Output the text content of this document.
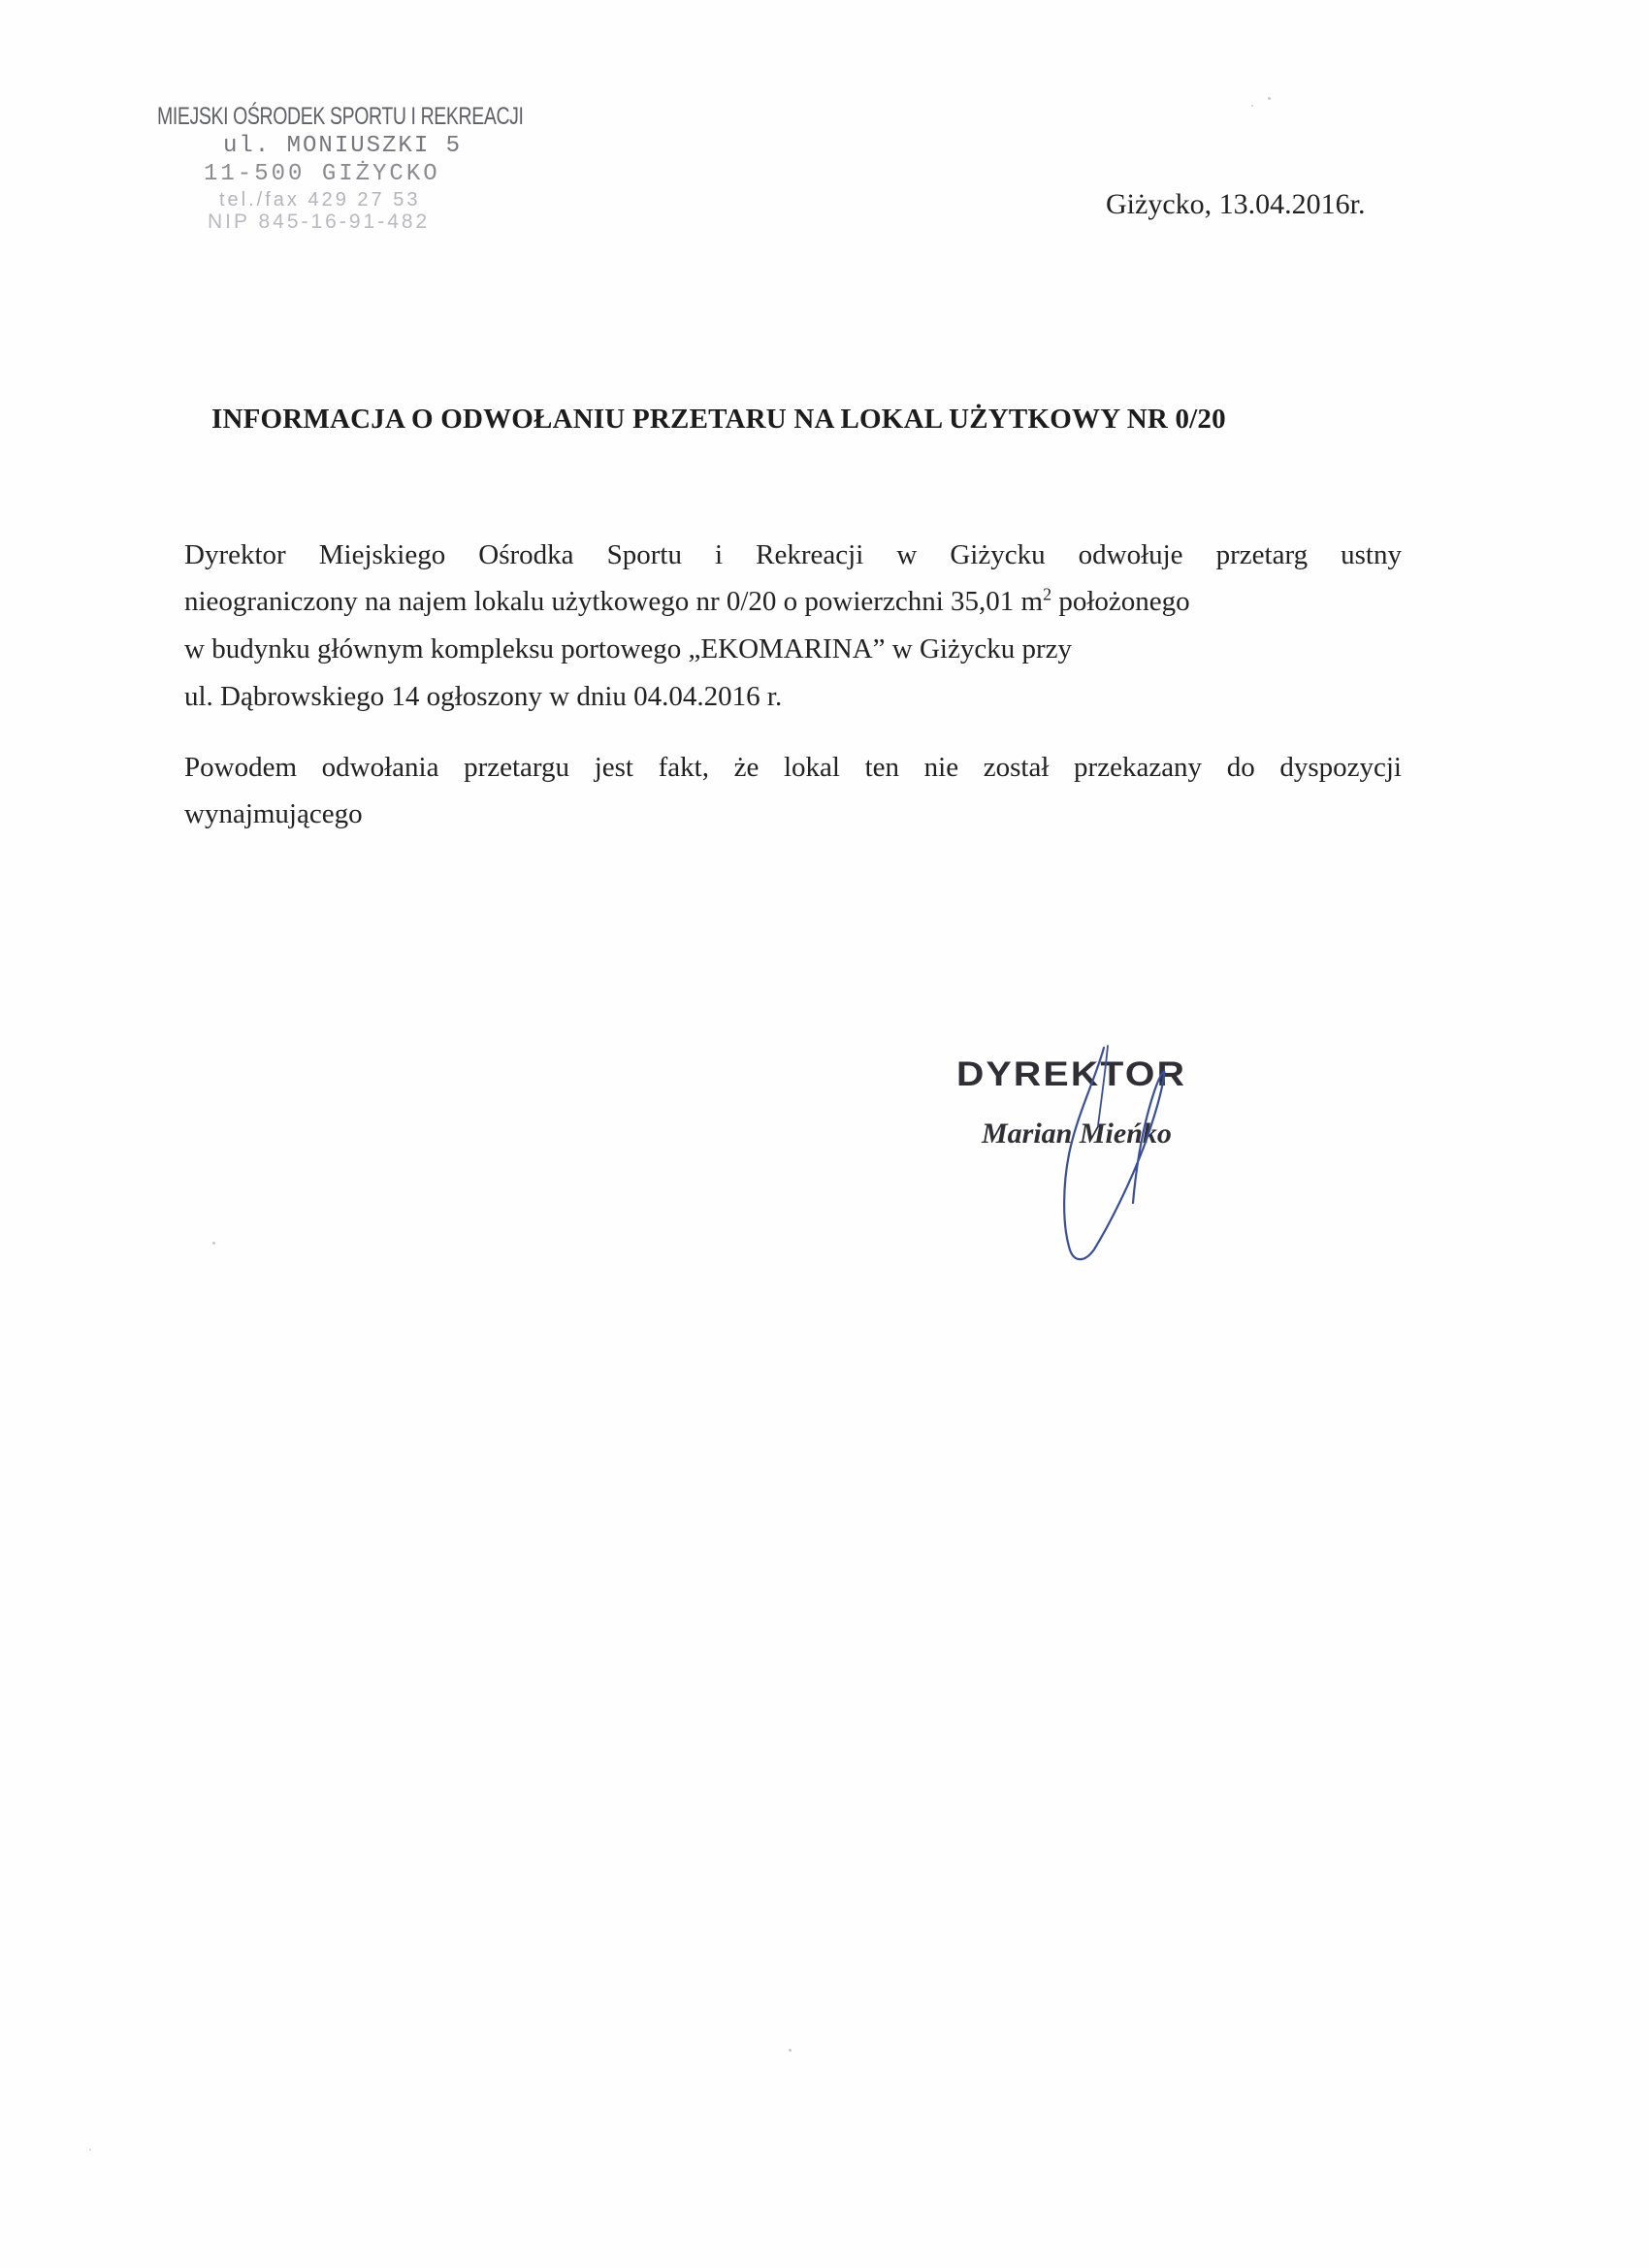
MIEJSKI OŚRODEK SPORTU I REKREACJI
ul. MONIUSZKI 5
11-500 GIŻYCKO
tel./fax 429 27 53
NIP 845-16-91-482
Giżycko, 13.04.2016r.
INFORMACJA O ODWOŁANIU PRZETARU NA LOKAL UŻYTKOWY NR 0/20
Dyrektor Miejskiego Ośrodka Sportu i Rekreacji w Giżycku odwołuje przetarg ustny
nieograniczony na najem lokalu użytkowego nr 0/20 o powierzchni 35,01 $m^2$ położonego
w budynku głównym kompleksu portowego „EKOMARINA” w Giżycku przy
ul. Dąbrowskiego 14 ogłoszony w dniu 04.04.2016 r.
Powodem odwołania przetargu jest fakt, że lokal ten nie został przekazany do dyspozycji
wynajmującego
DYREKTOR
Marian Mieńko
